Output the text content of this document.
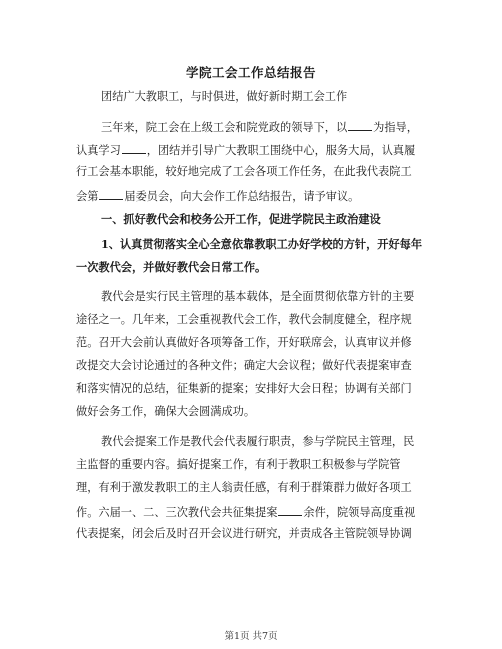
学院工会工作总结报告
团结广大教职工，与时俱进，做好新时期工会工作
三年来，院工会在上级工会和院党政的领导下，以 为指导，
认真学习 ，团结并引导广大教职工围绕中心，服务大局，认真履
行工会基本职能，较好地完成了工会各项工作任务，在此我代表院工
会第 届委员会，向大会作工作总结报告，请予审议。
一、抓好教代会和校务公开工作，促进学院民主政治建设
1、认真贯彻落实全心全意依靠教职工办好学校的方针，开好每年
一次教代会，并做好教代会日常工作。
教代会是实行民主管理的基本载体，是全面贯彻依靠方针的主要
途径之一。几年来，工会重视教代会工作，教代会制度健全，程序规
范。召开大会前认真做好各项筹备工作，开好联席会，认真审议并修
改提交大会讨论通过的各种文件；确定大会议程；做好代表提案审查
和落实情况的总结，征集新的提案；安排好大会日程；协调有关部门
做好会务工作，确保大会圆满成功。
教代会提案工作是教代会代表履行职责，参与学院民主管理，民
主监督的重要内容。搞好提案工作，有利于教职工积极参与学院管
理，有利于激发教职工的主人翁责任感，有利于群策群力做好各项工
作。六届一、二、三次教代会共征集提案 余件，院领导高度重视
代表提案，闭会后及时召开会议进行研究，并责成各主管院领导协调
第1页 共7页
